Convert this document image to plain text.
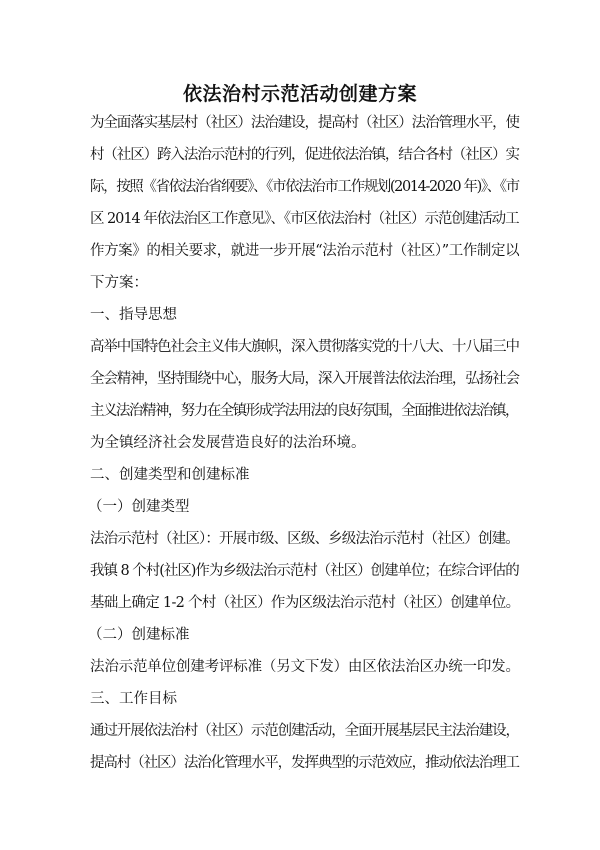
依法治村示范活动创建方案

为全面落实基层村（社区）法治建设，提高村（社区）法治管理水平，使

村（社区）跨入法治示范村的行列，促进依法治镇，结合各村（社区）实

际，按照《省依法治省纲要》、《市依法治市工作规划(2014-2020 年)》、《市

区 2014 年依法治区工作意见》、《市区依法治村（社区）示范创建活动工

作方案》的相关要求，就进一步开展“法治示范村（社区）”工作制定以

下方案：

一、指导思想

高举中国特色社会主义伟大旗帜，深入贯彻落实党的十八大、十八届三中

全会精神，坚持围绕中心，服务大局，深入开展普法依法治理，弘扬社会

主义法治精神，努力在全镇形成学法用法的良好氛围，全面推进依法治镇，

为全镇经济社会发展营造良好的法治环境。

二、创建类型和创建标准

（一）创建类型

法治示范村（社区）：开展市级、区级、乡级法治示范村（社区）创建。

我镇 8 个村(社区)作为乡级法治示范村（社区）创建单位；在综合评估的

基础上确定 1-2 个村（社区）作为区级法治示范村（社区）创建单位。

（二）创建标准

法治示范单位创建考评标准（另文下发）由区依法治区办统一印发。

三、工作目标

通过开展依法治村（社区）示范创建活动，全面开展基层民主法治建设，

提高村（社区）法治化管理水平，发挥典型的示范效应，推动依法治理工
